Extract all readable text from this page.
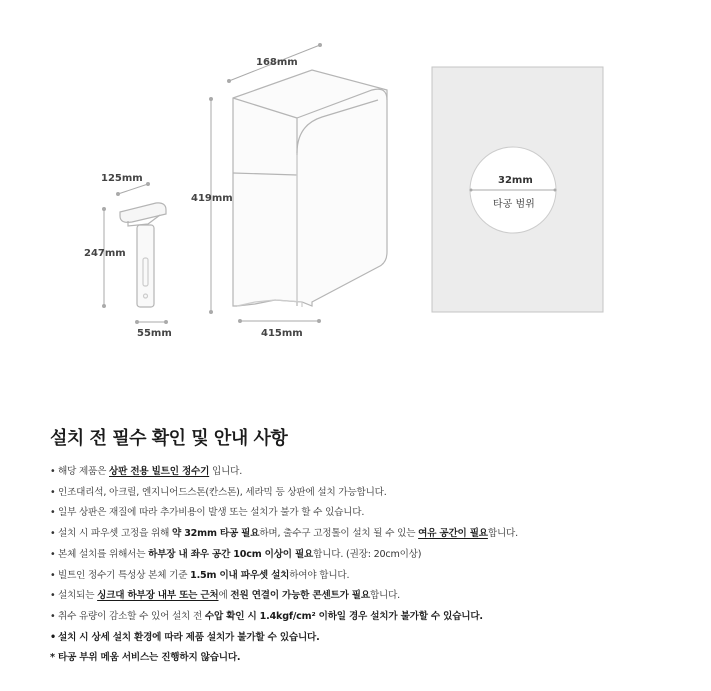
168mm
419mm
415mm
125mm
247mm
55mm
32mm
타공 범위
설치 전 필수 확인 및 안내 사항
• 해당 제품은 상판 전용 빌트인 정수기 입니다.
• 인조대리석, 아크릴, 엔지니어드스톤(칸스톤), 세라믹 등 상판에 설치 가능합니다.
• 일부 상판은 재질에 따라 추가비용이 발생 또는 설치가 불가 할 수 있습니다.
• 설치 시 파우셋 고정을 위해 약 32mm 타공 필요하며, 출수구 고정톨이 설치 될 수 있는 여유 공간이 필요합니다.
• 본체 설치를 위해서는 하부장 내 좌우 공간 10cm 이상이 필요합니다. (권장: 20cm이상)
• 빌트인 정수기 특성상 본체 기준 1.5m 이내 파우셋 설치하여야 합니다.
• 설치되는 싱크대 하부장 내부 또는 근처에 전원 연결이 가능한 콘센트가 필요합니다.
• 취수 유량이 감소할 수 있어 설치 전 수압 확인 시 1.4kgf/cm² 이하일 경우 설치가 불가할 수 있습니다.
• 설치 시 상세 설치 환경에 따라 제품 설치가 불가할 수 있습니다.
* 타공 부위 메움 서비스는 진행하지 않습니다.
